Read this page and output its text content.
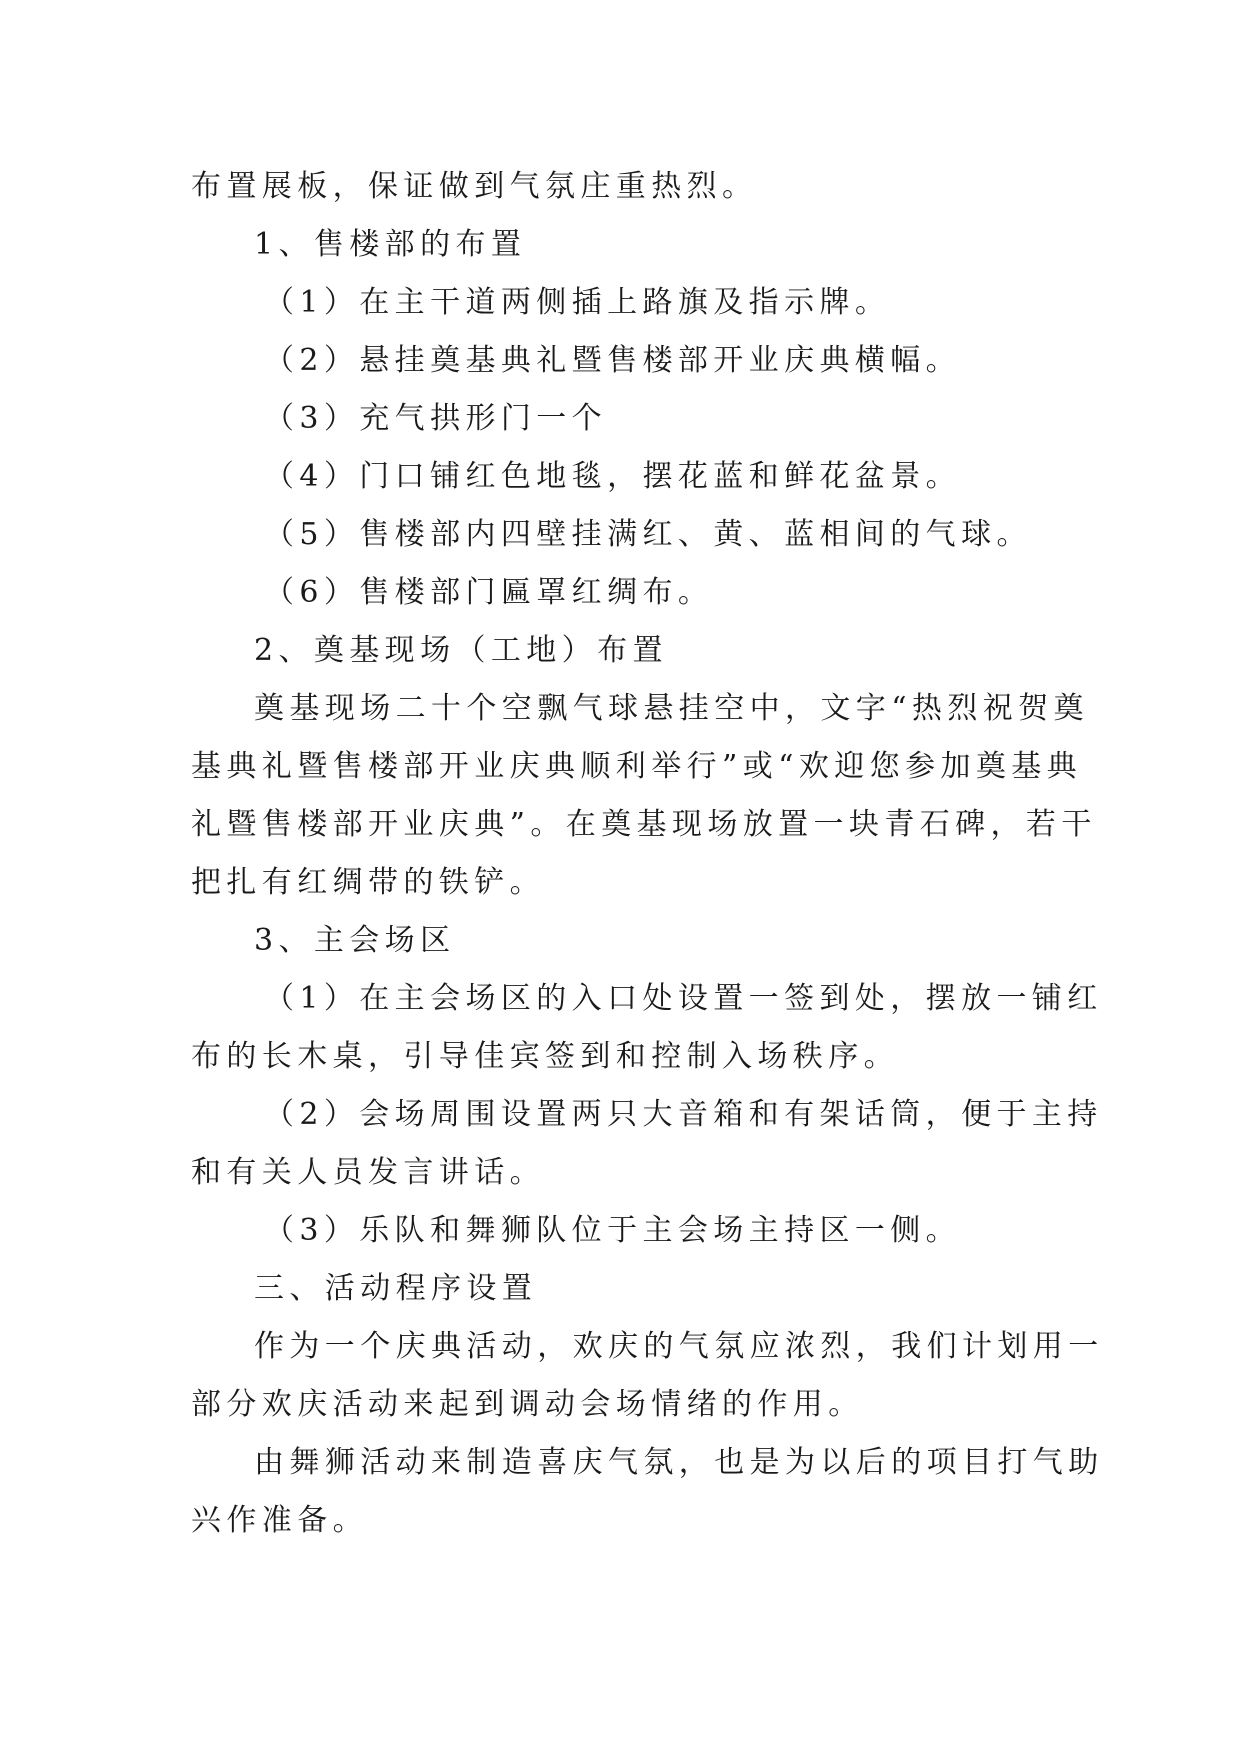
布置展板，保证做到气氛庄重热烈。
1、售楼部的布置
（1）在主干道两侧插上路旗及指示牌。
（2）悬挂奠基典礼暨售楼部开业庆典横幅。
（3）充气拱形门一个
（4）门口铺红色地毯，摆花蓝和鲜花盆景。
（5）售楼部内四壁挂满红、黄、蓝相间的气球。
（6）售楼部门匾罩红绸布。
2、奠基现场（工地）布置
奠基现场二十个空飘气球悬挂空中，文字“热烈祝贺奠
基典礼暨售楼部开业庆典顺利举行”或“欢迎您参加奠基典
礼暨售楼部开业庆典”。在奠基现场放置一块青石碑，若干
把扎有红绸带的铁铲。
3、主会场区
（1）在主会场区的入口处设置一签到处，摆放一铺红
布的长木桌，引导佳宾签到和控制入场秩序。
（2）会场周围设置两只大音箱和有架话筒，便于主持
和有关人员发言讲话。
（3）乐队和舞狮队位于主会场主持区一侧。
三、活动程序设置
作为一个庆典活动，欢庆的气氛应浓烈，我们计划用一
部分欢庆活动来起到调动会场情绪的作用。
由舞狮活动来制造喜庆气氛，也是为以后的项目打气助
兴作准备。
